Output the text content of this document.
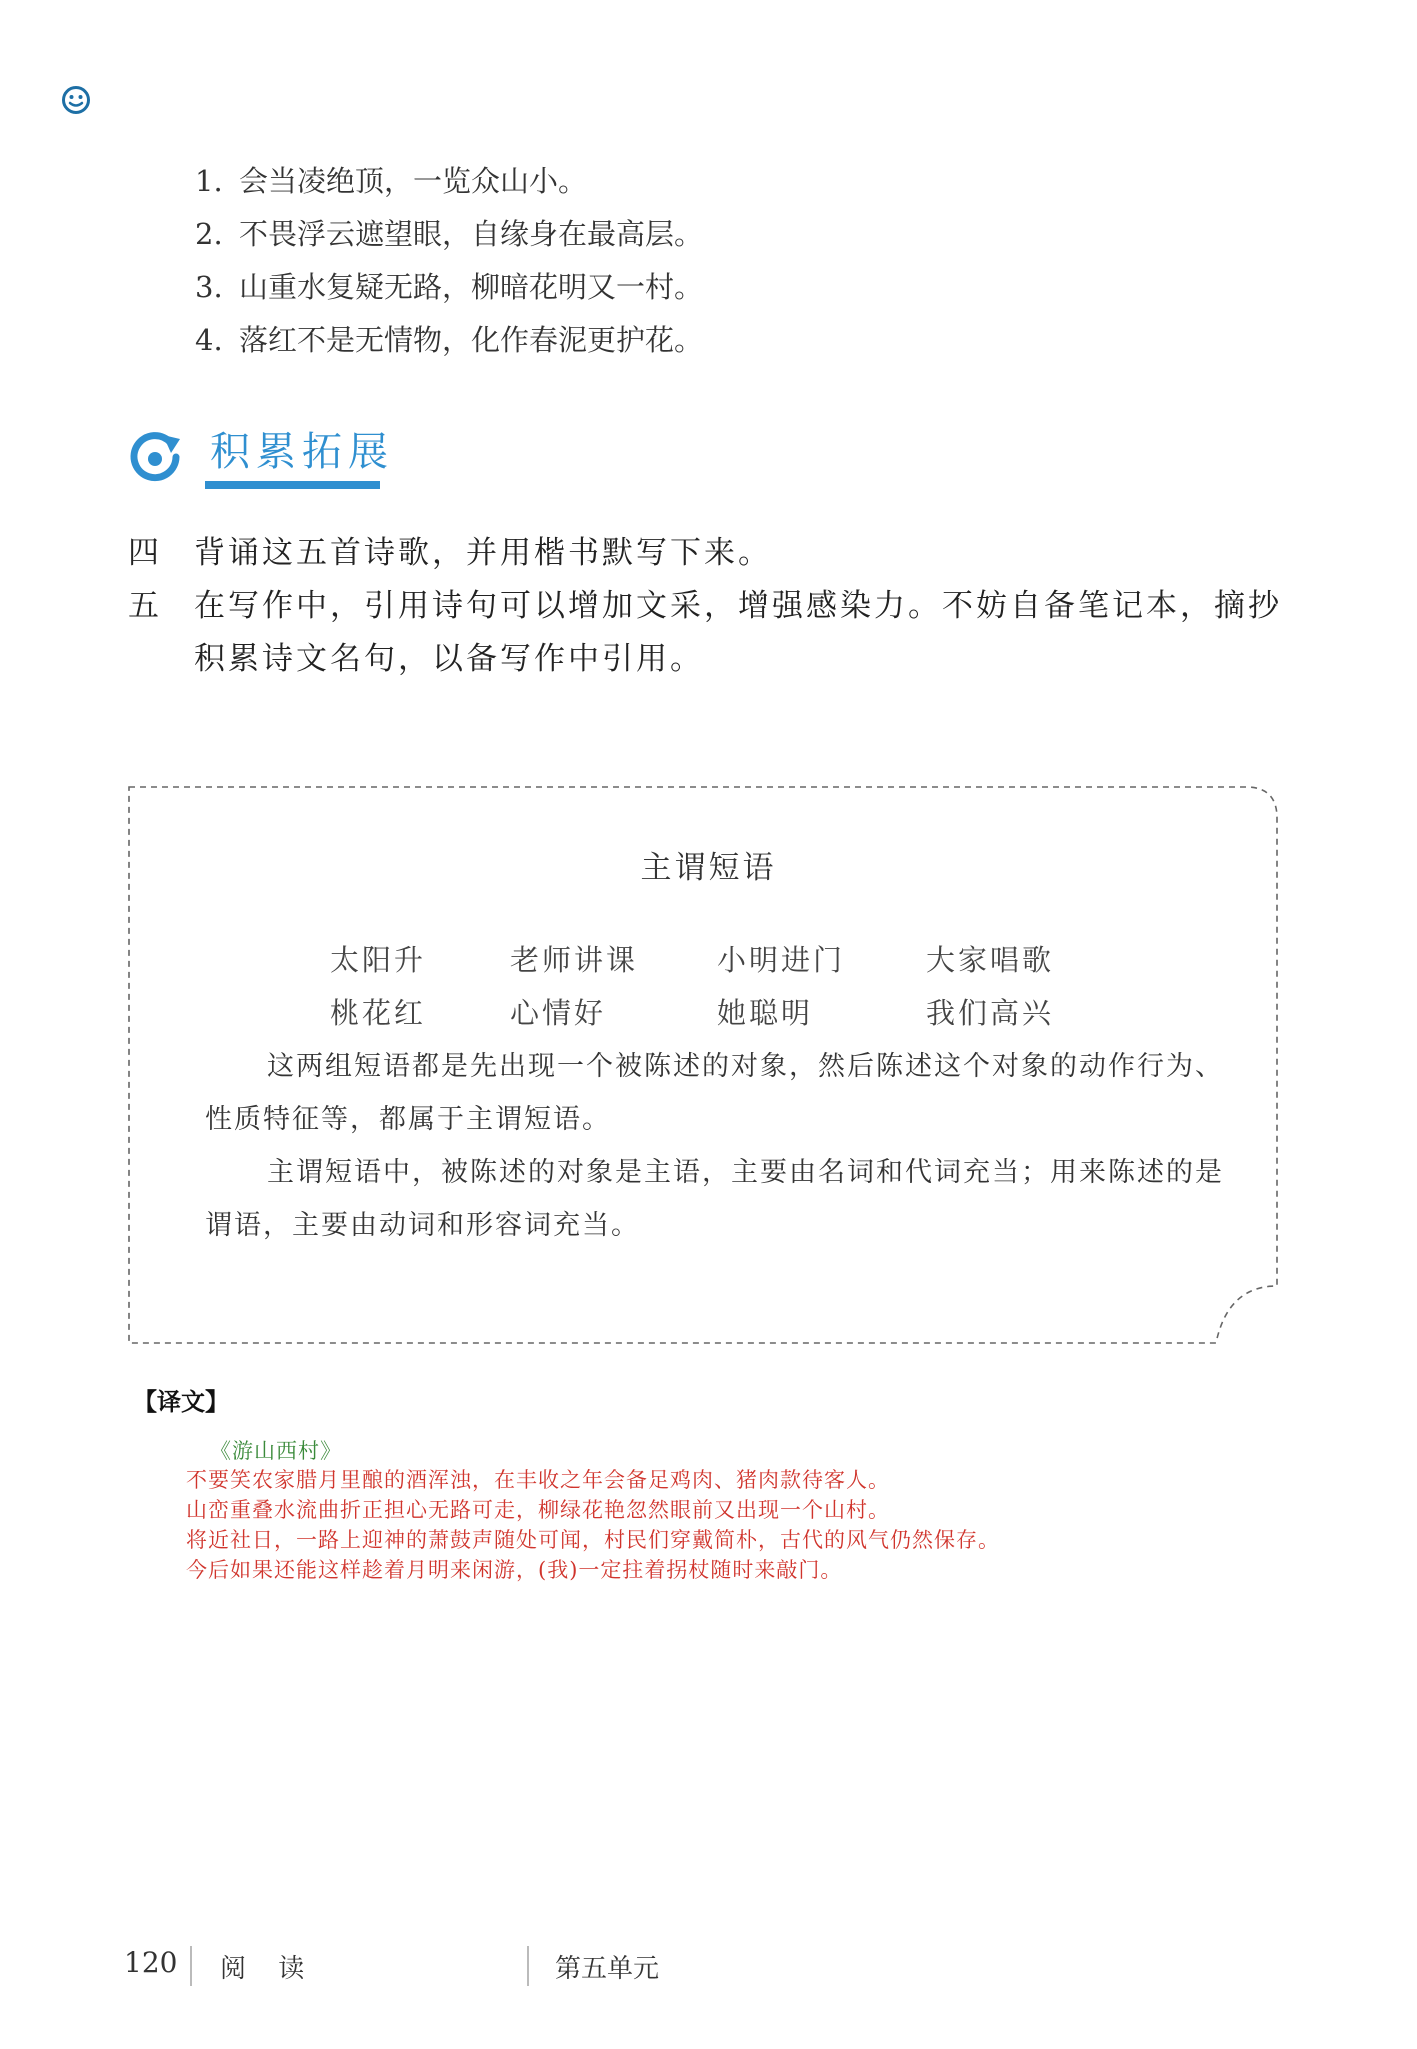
1. 会当凌绝顶，一览众山小。
2. 不畏浮云遮望眼，自缘身在最高层。
3. 山重水复疑无路，柳暗花明又一村。
4. 落红不是无情物，化作春泥更护花。
积累拓展
四 背诵这五首诗歌，并用楷书默写下来。
五 在写作中，引用诗句可以增加文采，增强感染力。不妨自备笔记本，摘抄
积累诗文名句，以备写作中引用。
主谓短语
太阳升	老师讲课	小明进门	大家唱歌
桃花红	心情好	她聪明	我们高兴
这两组短语都是先出现一个被陈述的对象，然后陈述这个对象的动作行为、
性质特征等，都属于主谓短语。
主谓短语中，被陈述的对象是主语，主要由名词和代词充当；用来陈述的是
谓语，主要由动词和形容词充当。
【译文】
《游山西村》
不要笑农家腊月里酿的酒浑浊，在丰收之年会备足鸡肉、猪肉款待客人。
山峦重叠水流曲折正担心无路可走，柳绿花艳忽然眼前又出现一个山村。
将近社日，一路上迎神的萧鼓声随处可闻，村民们穿戴简朴，古代的风气仍然保存。
今后如果还能这样趁着月明来闲游，(我)一定拄着拐杖随时来敲门。
120 阅 读	第五单元
